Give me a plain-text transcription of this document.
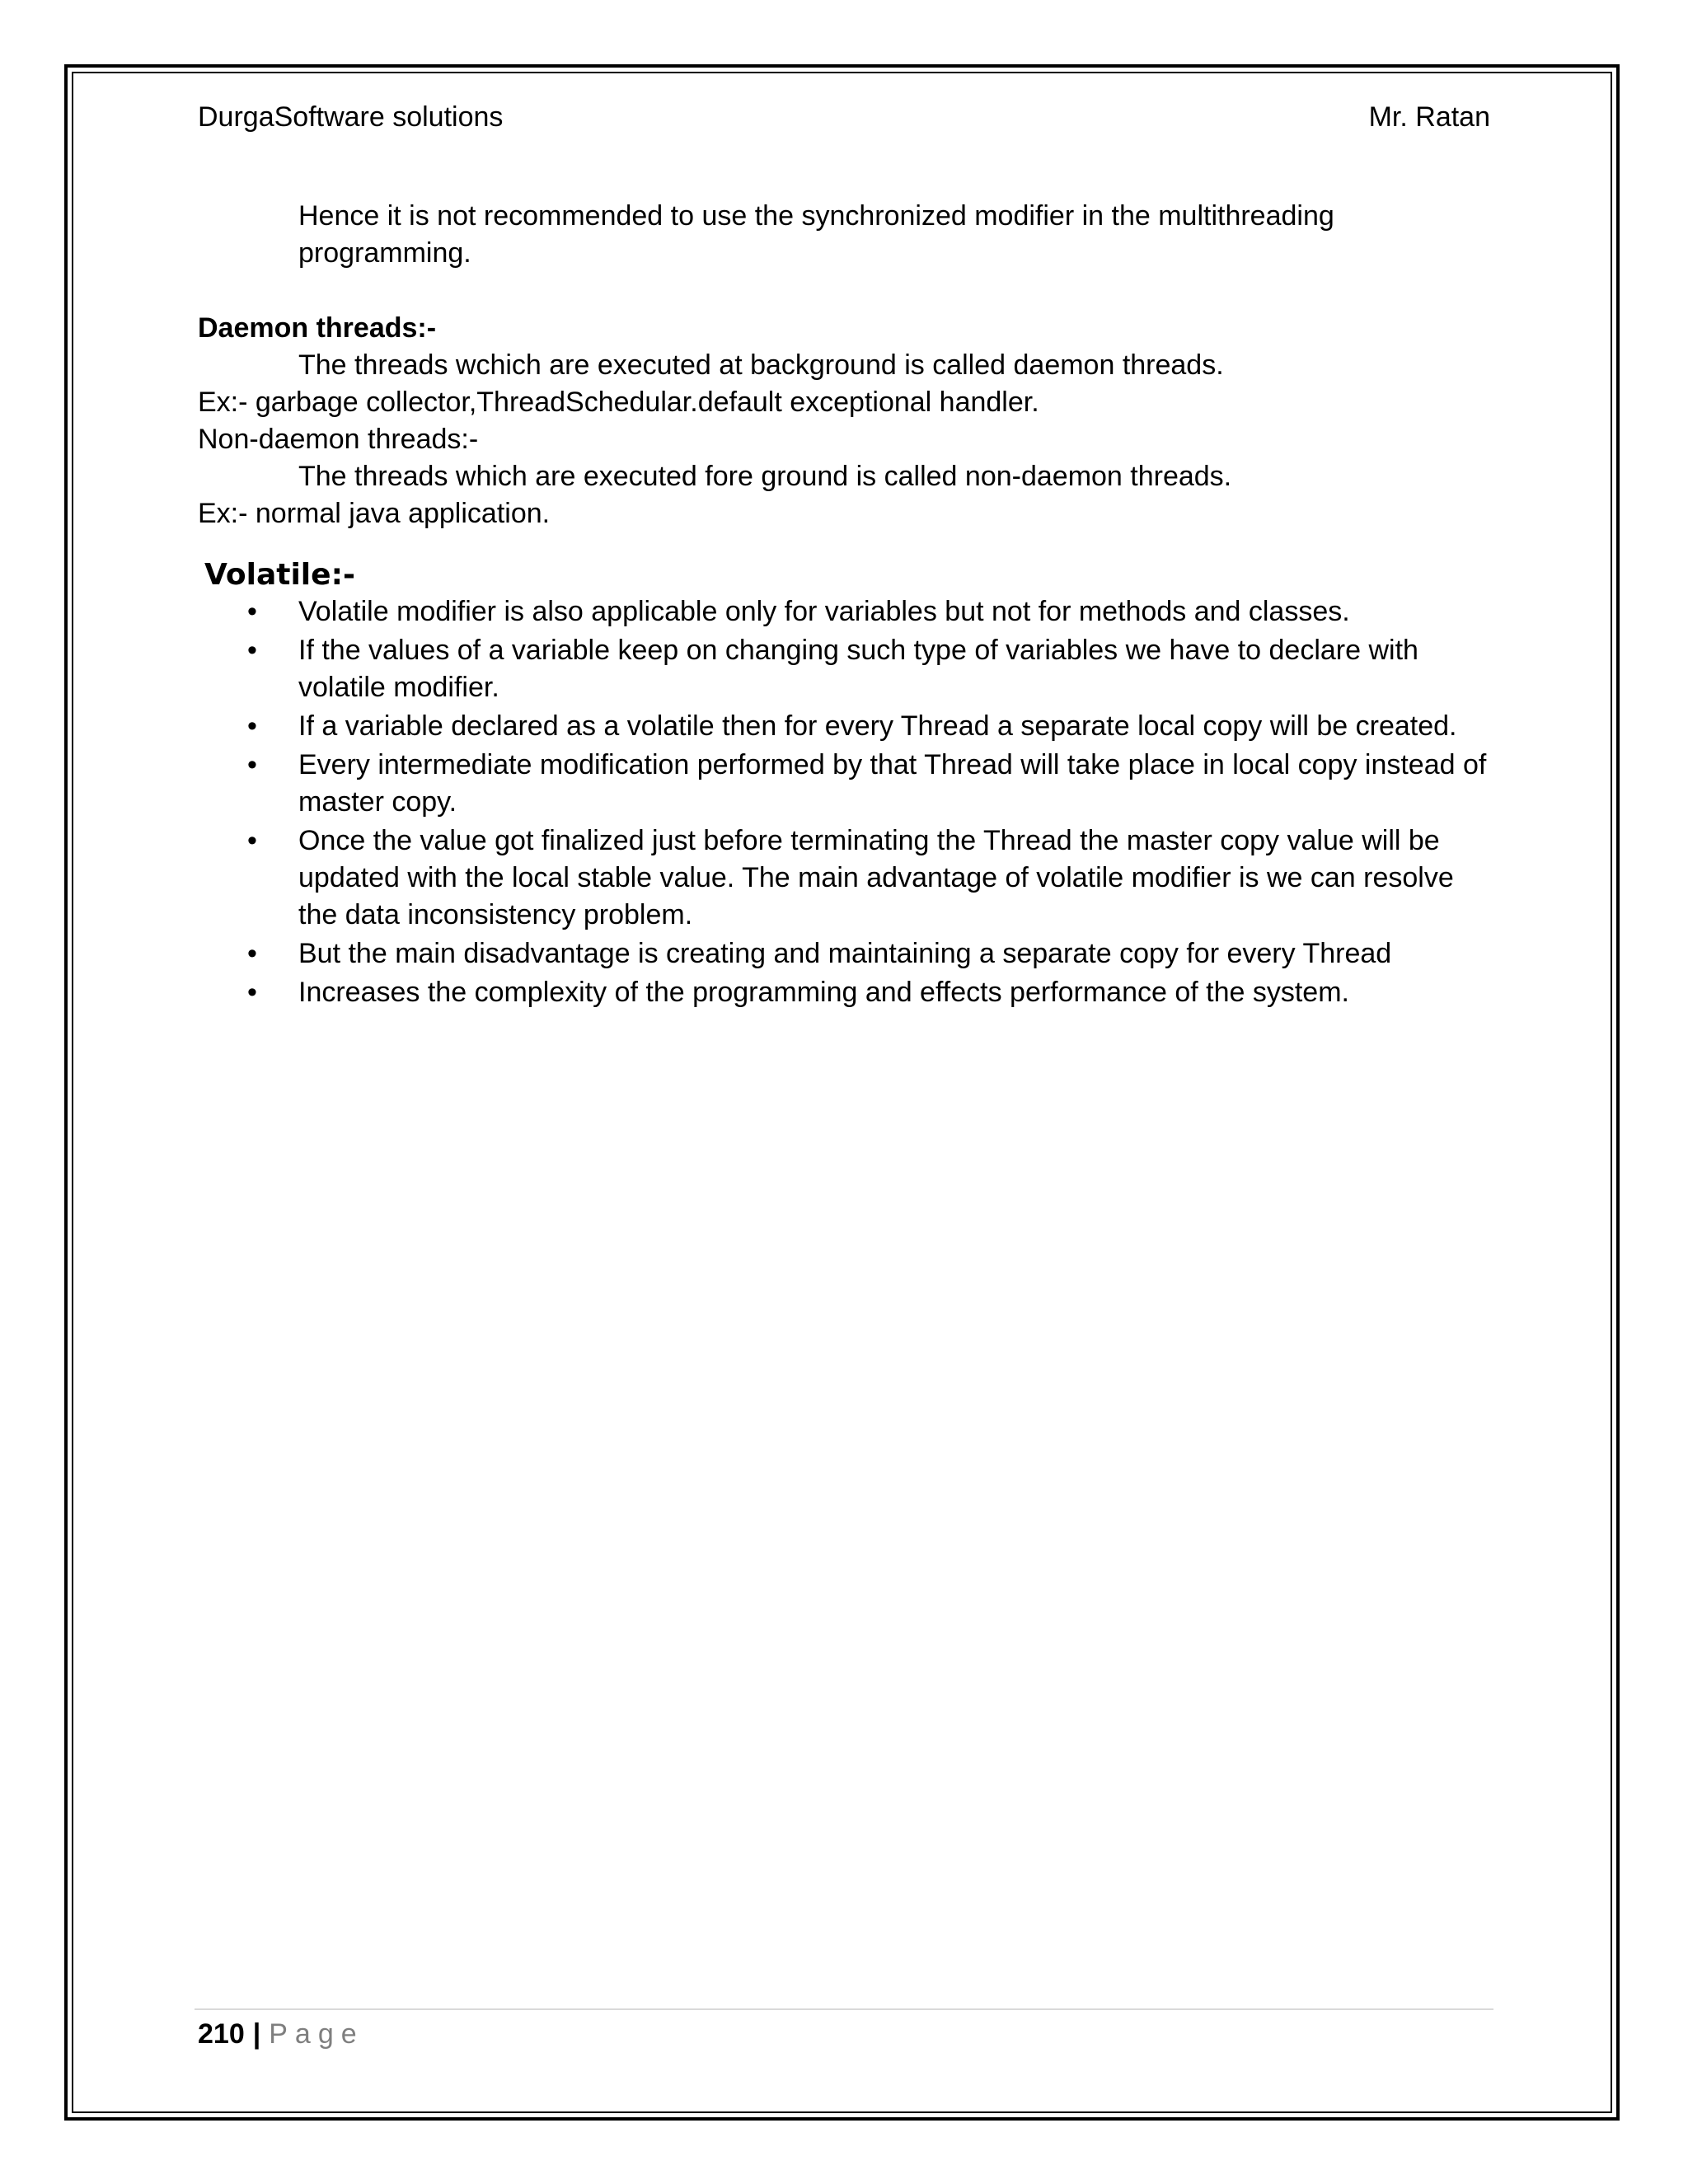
DurgaSoftware solutions	Mr. Ratan

Hence it is not recommended to use the synchronized modifier in the multithreading

programming.

Daemon threads:-

The threads wchich are executed at background is called daemon threads.

Ex:- garbage collector,ThreadSchedular.default exceptional handler.

Non-daemon threads:-

The threads which are executed fore ground is called non-daemon threads.

Ex:- normal java application.

Volatile:-

• Volatile modifier is also applicable only for variables but not for methods and classes.
• If the values of a variable keep on changing such type of variables we have to declare with volatile modifier.
• If a variable declared as a volatile then for every Thread a separate local copy will be created.
• Every intermediate modification performed by that Thread will take place in local copy instead of master copy.
• Once the value got finalized just before terminating the Thread the master copy value will be updated with the local stable value. The main advantage of volatile modifier is we can resolve the data inconsistency problem.
• But the main disadvantage is creating and maintaining a separate copy for every Thread
• Increases the complexity of the programming and effects performance of the system.
210 | Page
